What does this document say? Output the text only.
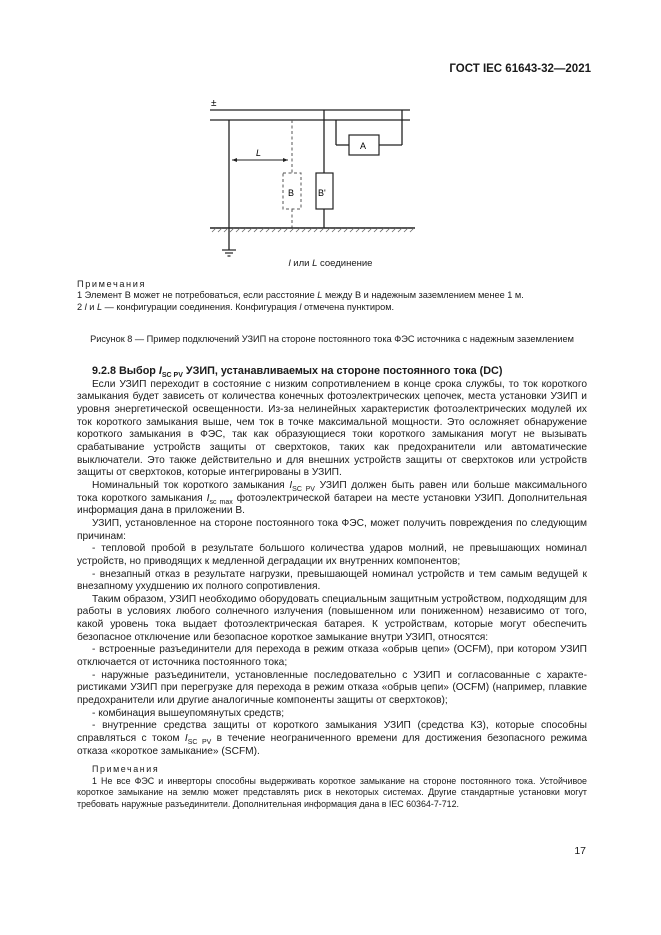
ГОСТ IEC 61643-32—2021
±
L
B	B'
A
l или L соединение
Примечания
1 Элемент B может не потребоваться, если расстояние L между B и надежным заземлением менее 1 м.
2 l и L — конфигурации соединения. Конфигурация l отмечена пунктиром.
Рисунок 8 — Пример подключений УЗИП на стороне постоянного тока ФЭС источника с надежным заземлением

9.2.8 Выбор $I_{SC PV}$ УЗИП, устанавливаемых на стороне постоянного тока (DC)

Если УЗИП переходит в состояние с низким сопротивлением в конце срока службы, то ток короткого замыкания будет зависеть от количества конечных фотоэлектрических цепочек, места установки УЗИП и уровня энергетической освещенности. Из-за нелинейных характеристик фотоэлектрических модулей их ток короткого замыкания выше, чем ток в точке максимальной мощности. Это осложняет обнаружение короткого замыкания в ФЭС, так как образующиеся токи короткого замыкания могут не вызывать срабатывание устройств защиты от сверхтоков, таких как предохранители или автоматические выключатели. Это также действительно и для внешних устройств защиты от сверхтоков или устройств защиты от сверхтоков, которые интегрированы в УЗИП.

Номинальный ток короткого замыкания $I_{SC PV}$ УЗИП должен быть равен или больше максимального тока короткого замыкания $I_{sc max}$ фотоэлектрической батареи на месте установки УЗИП. Дополнительная информация дана в приложении B.

УЗИП, установленное на стороне постоянного тока ФЭС, может получить повреждения по следующим причинам:

- тепловой пробой в результате большого количества ударов молний, не превышающих номинал устройств, но приводящих к медленной деградации их внутренних компонентов;

- внезапный отказ в результате нагрузки, превышающей номинал устройств и тем самым ведущей к внезапному ухудшению их полного сопротивления.

Таким образом, УЗИП необходимо оборудовать специальным защитным устройством, подходящим для работы в условиях любого солнечного излучения (повышенном или пониженном) независимо от того, какой уровень тока выдает фотоэлектрическая батарея. К устройствам, которые могут обеспечить безопасное отключение или безопасное короткое замыкание внутри УЗИП, относятся:

- встроенные разъединители для перехода в режим отказа «обрыв цепи» (OCFM), при котором УЗИП отключается от источника постоянного тока;

- наружные разъединители, установленные последовательно с УЗИП и согласованные с характеристиками УЗИП при перегрузке для перехода в режим отказа «обрыв цепи» (OCFM) (например, плавкие предохранители или другие аналогичные компоненты защиты от сверхтоков);

- комбинация вышеупомянутых средств;

- внутренние средства защиты от короткого замыкания УЗИП (средства КЗ), которые способны справляться с током $I_{SC PV}$ в течение неограниченного времени для достижения безопасного режима отказа «короткое замыкание» (SCFM).

Примечания

1 Не все ФЭС и инверторы способны выдерживать короткое замыкание на стороне постоянного тока. Устойчивое короткое замыкание на землю может представлять риск в некоторых системах. Другие стандартные установки могут требовать наружные разъединители. Дополнительная информация дана в IEC 60364-7-712.

17
